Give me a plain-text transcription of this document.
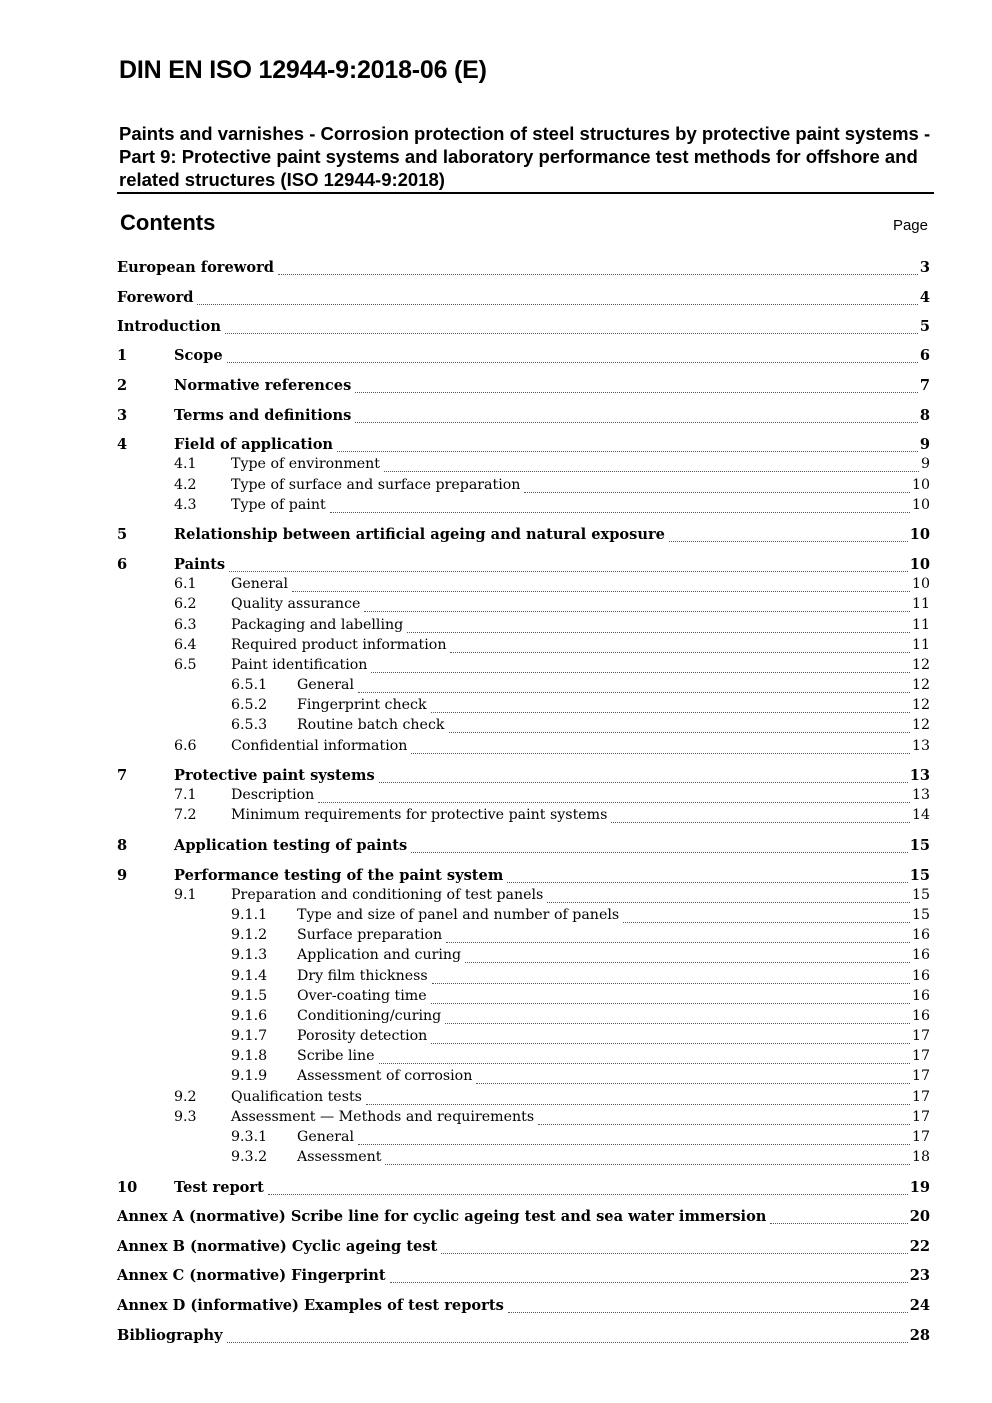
DIN EN ISO 12944-9:2018-06 (E)
Paints and varnishes - Corrosion protection of steel structures by protective paint systems - Part 9: Protective paint systems and laboratory performance test methods for offshore and related structures (ISO 12944-9:2018)
Contents	Page
European foreword	3
Foreword	4
Introduction	5
1	Scope	6
2	Normative references	7
3	Terms and definitions	8
4	Field of application	9
4.1	Type of environment	9
4.2	Type of surface and surface preparation	10
4.3	Type of paint	10
5	Relationship between artificial ageing and natural exposure	10
6	Paints	10
6.1	General	10
6.2	Quality assurance	11
6.3	Packaging and labelling	11
6.4	Required product information	11
6.5	Paint identification	12
6.5.1	General	12
6.5.2	Fingerprint check	12
6.5.3	Routine batch check	12
6.6	Confidential information	13
7	Protective paint systems	13
7.1	Description	13
7.2	Minimum requirements for protective paint systems	14
8	Application testing of paints	15
9	Performance testing of the paint system	15
9.1	Preparation and conditioning of test panels	15
9.1.1	Type and size of panel and number of panels	15
9.1.2	Surface preparation	16
9.1.3	Application and curing	16
9.1.4	Dry film thickness	16
9.1.5	Over-coating time	16
9.1.6	Conditioning/curing	16
9.1.7	Porosity detection	17
9.1.8	Scribe line	17
9.1.9	Assessment of corrosion	17
9.2	Qualification tests	17
9.3	Assessment — Methods and requirements	17
9.3.1	General	17
9.3.2	Assessment	18
10	Test report	19
Annex A (normative) Scribe line for cyclic ageing test and sea water immersion	20
Annex B (normative) Cyclic ageing test	22
Annex C (normative) Fingerprint	23
Annex D (informative) Examples of test reports	24
Bibliography	28
